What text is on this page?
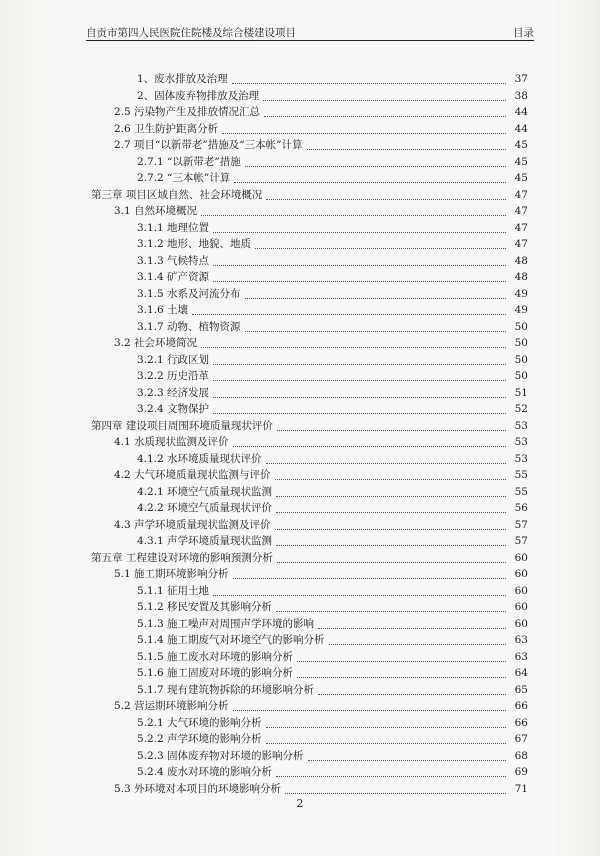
自贡市第四人民医院住院楼及综合楼建设项目	目录
1、废水排放及治理	37
2、固体废弃物排放及治理	38
2.5 污染物产生及排放情况汇总	44
2.6 卫生防护距离分析	44
2.7 项目“以新带老”措施及“三本帐”计算	45
2.7.1 “以新带老”措施	45
2.7.2 “三本帐”计算	45
第三章 项目区域自然、社会环境概况	47
3.1 自然环境概况	47
3.1.1 地理位置	47
3.1.2 地形、地貌、地质	47
3.1.3 气候特点	48
3.1.4 矿产资源	48
3.1.5 水系及河流分布	49
3.1.6 土壤	49
3.1.7 动物、植物资源	50
3.2 社会环境简况	50
3.2.1 行政区划	50
3.2.2 历史沿革	50
3.2.3 经济发展	51
3.2.4 文物保护	52
第四章 建设项目周围环境质量现状评价	53
4.1 水质现状监测及评价	53
4.1.2 水环境质量现状评价	53
4.2 大气环境质量现状监测与评价	55
4.2.1 环境空气质量现状监测	55
4.2.2 环境空气质量现状评价	56
4.3 声学环境质量现状监测及评价	57
4.3.1 声学环境质量现状监测	57
第五章 工程建设对环境的影响预测分析	60
5.1 施工期环境影响分析	60
5.1.1 征用土地	60
5.1.2 移民安置及其影响分析	60
5.1.3 施工噪声对周围声学环境的影响	60
5.1.4 施工期废气对环境空气的影响分析	63
5.1.5 施工废水对环境的影响分析	63
5.1.6 施工固废对环境的影响分析	64
5.1.7 现有建筑物拆除的环境影响分析	65
5.2 营运期环境影响分析	66
5.2.1 大气环境的影响分析	66
5.2.2 声学环境的影响分析	67
5.2.3 固体废弃物对环境的影响分析	68
5.2.4 废水对环境的影响分析	69
5.3 外环境对本项目的环境影响分析	71
2
